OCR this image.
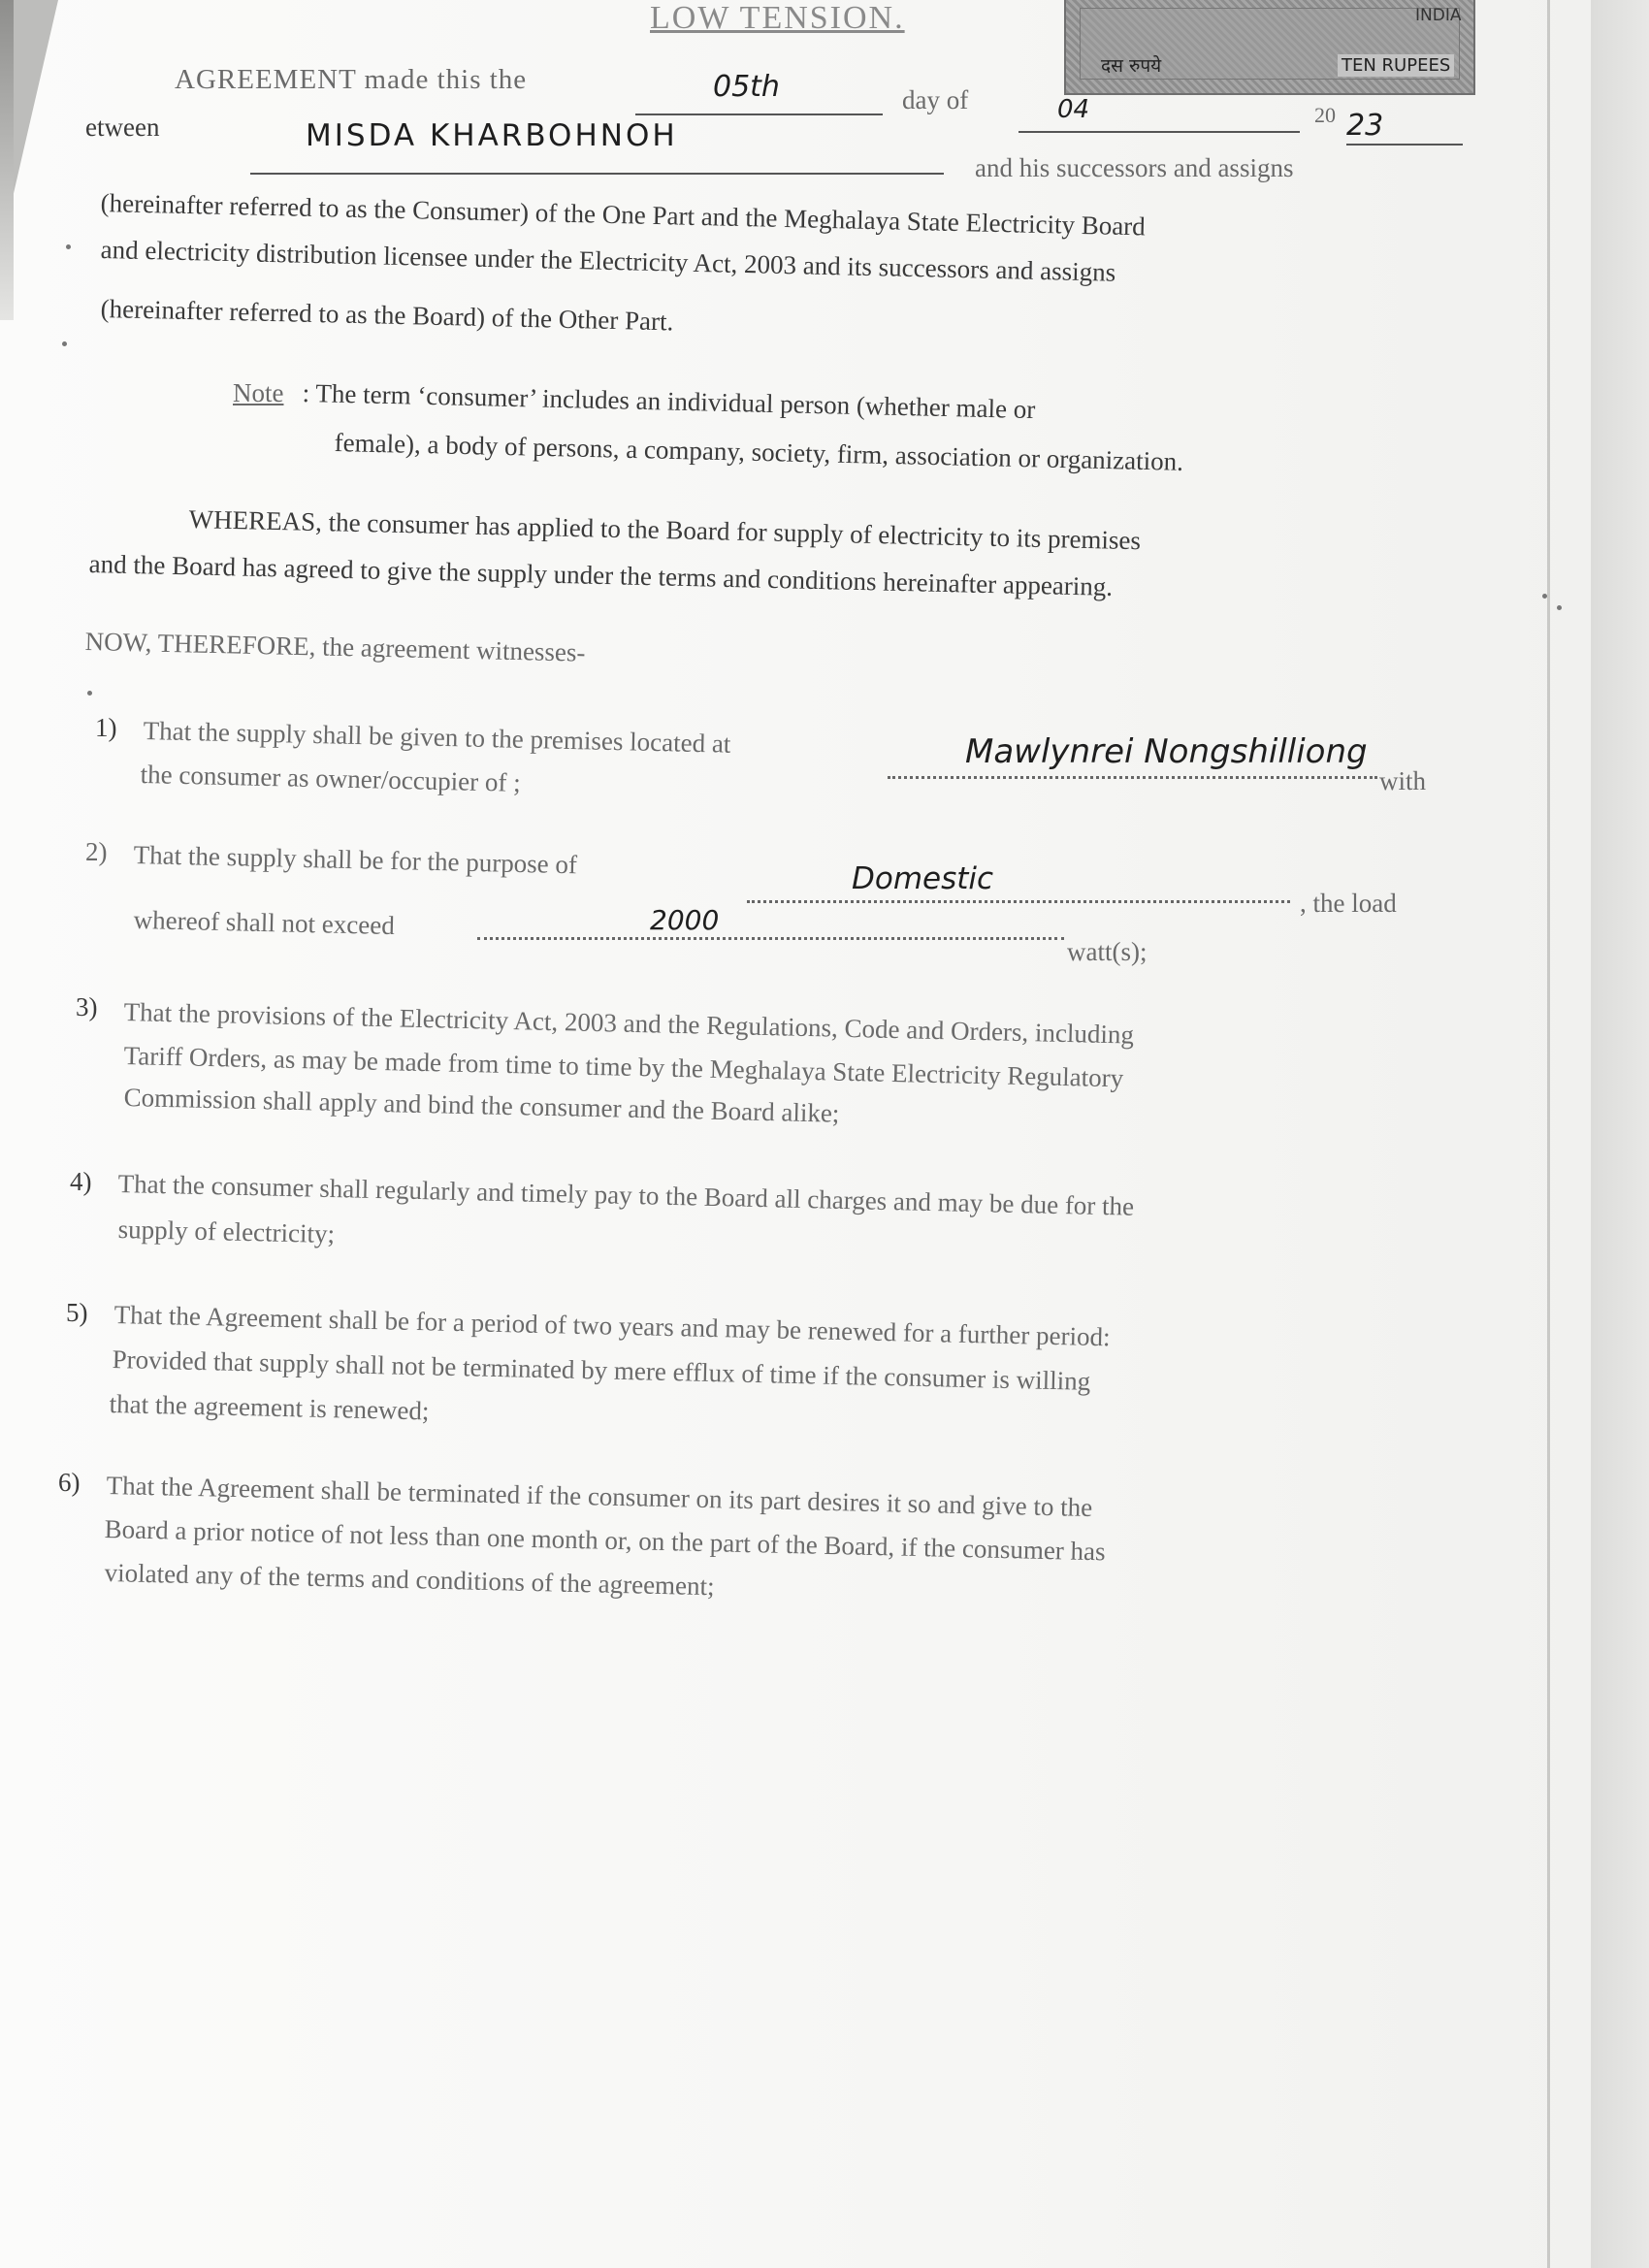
LOW TENSION.	INDIA
दस रुपये	TEN RUPEES
AGREEMENT made this the	05th	day of	04	20 23
etween	MISDA KHARBOHNOH
and his successors and assigns
(hereinafter referred to as the Consumer) of the One Part and the Meghalaya State Electricity Board
and electricity distribution licensee under the Electricity Act, 2003 and its successors and assigns
(hereinafter referred to as the Board) of the Other Part.
Note : The term ‘consumer’ includes an individual person (whether male or
female), a body of persons, a company, society, firm, association or organization.
WHEREAS, the consumer has applied to the Board for supply of electricity to its premises
and the Board has agreed to give the supply under the terms and conditions hereinafter appearing.
NOW, THEREFORE, the agreement witnesses-
1) That the supply shall be given to the premises located at	Mawlynrei Nongshilliong
with
the consumer as owner/occupier of ;
2) That the supply shall be for the purpose of	Domestic
, the load
whereof shall not exceed	2000
watt(s);
3) That the provisions of the Electricity Act, 2003 and the Regulations, Code and Orders, including
Tariff Orders, as may be made from time to time by the Meghalaya State Electricity Regulatory
Commission shall apply and bind the consumer and the Board alike;
4) That the consumer shall regularly and timely pay to the Board all charges and may be due for the
supply of electricity;
5) That the Agreement shall be for a period of two years and may be renewed for a further period:
Provided that supply shall not be terminated by mere efflux of time if the consumer is willing
that the agreement is renewed;
6) That the Agreement shall be terminated if the consumer on its part desires it so and give to the
Board a prior notice of not less than one month or, on the part of the Board, if the consumer has
violated any of the terms and conditions of the agreement;
